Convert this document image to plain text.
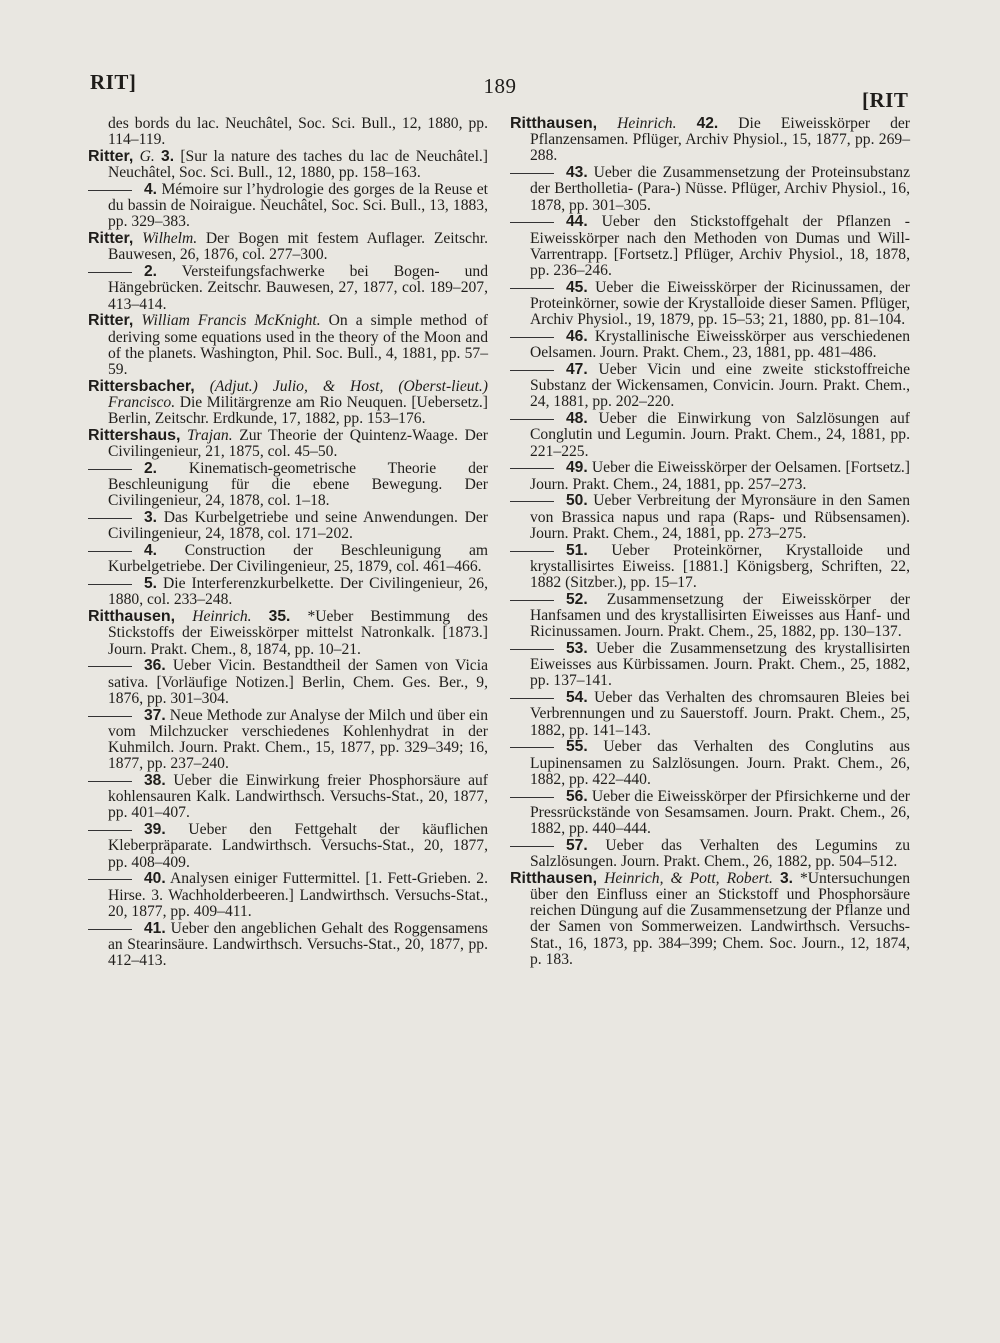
RIT]	189
[RIT

des bords du lac. Neuchâtel, Soc. Sci. Bull., 12, 1880, pp. 114–119.

Ritter, G. 3. [Sur la nature des taches du lac de Neuchâtel.] Neuchâtel, Soc. Sci. Bull., 12, 1880, pp. 158–163.

4. Mémoire sur l’hydrologie des gorges de la Reuse et du bassin de Noiraigue. Neuchâtel, Soc. Sci. Bull., 13, 1883, pp. 329–383.

Ritter, Wilhelm. Der Bogen mit festem Auflager. Zeitschr. Bauwesen, 26, 1876, col. 277–300.

2. Versteifungsfachwerke bei Bogen- und Hängebrücken. Zeitschr. Bauwesen, 27, 1877, col. 189–207, 413–414.

Ritter, William Francis McKnight. On a simple method of deriving some equations used in the theory of the Moon and of the planets. Washington, Phil. Soc. Bull., 4, 1881, pp. 57–59.

Rittersbacher, (Adjut.) Julio, & Host, (Oberst-lieut.) Francisco. Die Militärgrenze am Rio Neuquen. [Uebersetz.] Berlin, Zeitschr. Erdkunde, 17, 1882, pp. 153–176.

Rittershaus, Trajan. Zur Theorie der Quintenz-Waage. Der Civilingenieur, 21, 1875, col. 45–50.

2. Kinematisch-geometrische Theorie der Beschleunigung für die ebene Bewegung. Der Civilingenieur, 24, 1878, col. 1–18.

3. Das Kurbelgetriebe und seine Anwendungen. Der Civilingenieur, 24, 1878, col. 171–202.

4. Construction der Beschleunigung am Kurbelgetriebe. Der Civilingenieur, 25, 1879, col. 461–466.

5. Die Interferenzkurbelkette. Der Civilingenieur, 26, 1880, col. 233–248.

Ritthausen, Heinrich. 35. *Ueber Bestimmung des Stickstoffs der Eiweisskörper mittelst Natronkalk. [1873.] Journ. Prakt. Chem., 8, 1874, pp. 10–21.

36. Ueber Vicin. Bestandtheil der Samen von Vicia sativa. [Vorläufige Notizen.] Berlin, Chem. Ges. Ber., 9, 1876, pp. 301–304.

37. Neue Methode zur Analyse der Milch und über ein vom Milchzucker verschiedenes Kohlenhydrat in der Kuhmilch. Journ. Prakt. Chem., 15, 1877, pp. 329–349; 16, 1877, pp. 237–240.

38. Ueber die Einwirkung freier Phosphorsäure auf kohlensauren Kalk. Landwirthsch. Versuchs-Stat., 20, 1877, pp. 401–407.

39. Ueber den Fettgehalt der käuflichen Kleberpräparate. Landwirthsch. Versuchs-Stat., 20, 1877, pp. 408–409.

40. Analysen einiger Futtermittel. [1. Fett-Grieben. 2. Hirse. 3. Wachholderbeeren.] Landwirthsch. Versuchs-Stat., 20, 1877, pp. 409–411.

41. Ueber den angeblichen Gehalt des Roggensamens an Stearinsäure. Landwirthsch. Versuchs-Stat., 20, 1877, pp. 412–413.

Ritthausen, Heinrich. 42. Die Eiweisskörper der Pflanzensamen. Pflüger, Archiv Physiol., 15, 1877, pp. 269–288.

43. Ueber die Zusammensetzung der Proteinsubstanz der Bertholletia- (Para-) Nüsse. Pflüger, Archiv Physiol., 16, 1878, pp. 301–305.

44. Ueber den Stickstoffgehalt der Pflanzen - Eiweisskörper nach den Methoden von Dumas und Will-Varrentrapp. [Fortsetz.] Pflüger, Archiv Physiol., 18, 1878, pp. 236–246.

45. Ueber die Eiweisskörper der Ricinussamen, der Proteinkörner, sowie der Krystalloide dieser Samen. Pflüger, Archiv Physiol., 19, 1879, pp. 15–53; 21, 1880, pp. 81–104.

46. Krystallinische Eiweisskörper aus verschiedenen Oelsamen. Journ. Prakt. Chem., 23, 1881, pp. 481–486.

47. Ueber Vicin und eine zweite stickstoffreiche Substanz der Wickensamen, Convicin. Journ. Prakt. Chem., 24, 1881, pp. 202–220.

48. Ueber die Einwirkung von Salzlösungen auf Conglutin und Legumin. Journ. Prakt. Chem., 24, 1881, pp. 221–225.

49. Ueber die Eiweisskörper der Oelsamen. [Fortsetz.] Journ. Prakt. Chem., 24, 1881, pp. 257–273.

50. Ueber Verbreitung der Myronsäure in den Samen von Brassica napus und rapa (Raps- und Rübsensamen). Journ. Prakt. Chem., 24, 1881, pp. 273–275.

51. Ueber Proteinkörner, Krystalloide und krystallisirtes Eiweiss. [1881.] Königsberg, Schriften, 22, 1882 (Sitzber.), pp. 15–17.

52. Zusammensetzung der Eiweisskörper der Hanfsamen und des krystallisirten Eiweisses aus Hanf- und Ricinussamen. Journ. Prakt. Chem., 25, 1882, pp. 130–137.

53. Ueber die Zusammensetzung des krystallisirten Eiweisses aus Kürbissamen. Journ. Prakt. Chem., 25, 1882, pp. 137–141.

54. Ueber das Verhalten des chromsauren Bleies bei Verbrennungen und zu Sauerstoff. Journ. Prakt. Chem., 25, 1882, pp. 141–143.

55. Ueber das Verhalten des Conglutins aus Lupinensamen zu Salzlösungen. Journ. Prakt. Chem., 26, 1882, pp. 422–440.

56. Ueber die Eiweisskörper der Pfirsichkerne und der Pressrückstände von Sesamsamen. Journ. Prakt. Chem., 26, 1882, pp. 440–444.

57. Ueber das Verhalten des Legumins zu Salzlösungen. Journ. Prakt. Chem., 26, 1882, pp. 504–512.

Ritthausen, Heinrich, & Pott, Robert. 3. *Untersuchungen über den Einfluss einer an Stickstoff und Phosphorsäure reichen Düngung auf die Zusammensetzung der Pflanze und der Samen von Sommerweizen. Landwirthsch. Versuchs-Stat., 16, 1873, pp. 384–399; Chem. Soc. Journ., 12, 1874, p. 183.
